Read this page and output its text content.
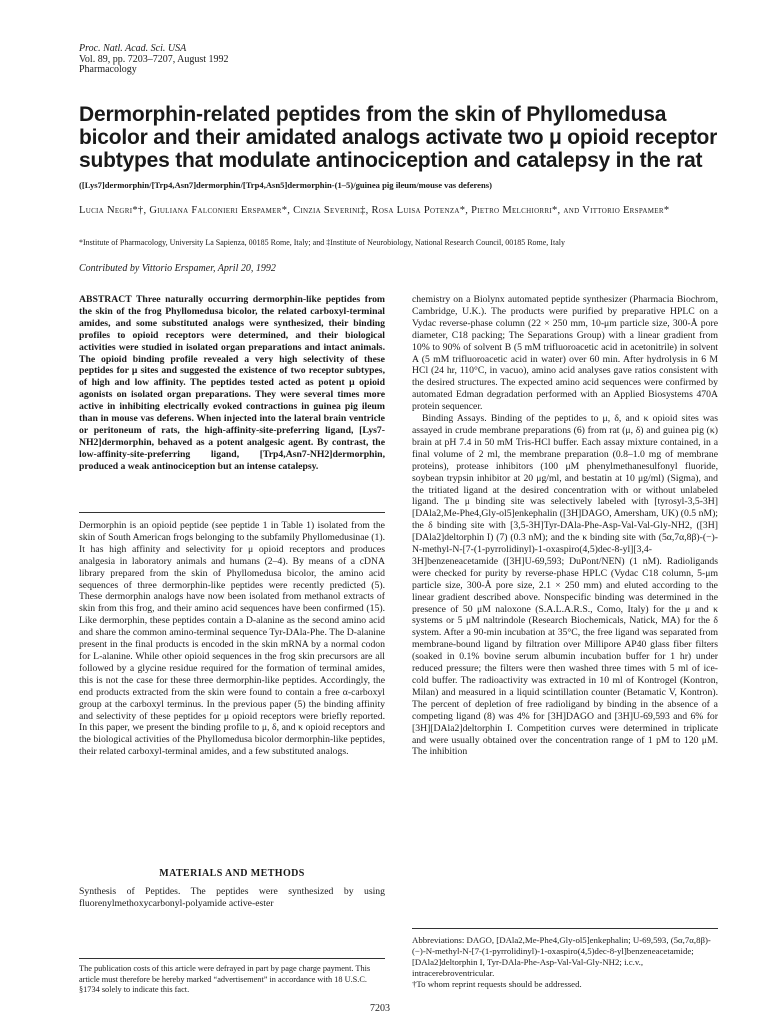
Proc. Natl. Acad. Sci. USA
Vol. 89, pp. 7203–7207, August 1992
Pharmacology
Dermorphin-related peptides from the skin of Phyllomedusa bicolor and their amidated analogs activate two μ opioid receptor subtypes that modulate antinociception and catalepsy in the rat
([Lys7]dermorphin/[Trp4,Asn7]dermorphin/[Trp4,Asn5]dermorphin-(1–5)/guinea pig ileum/mouse vas deferens)
Lucia Negri*†, Giuliana Falconieri Erspamer*, Cinzia Severini‡, Rosa Luisa Potenza*, Pietro Melchiorri*, and Vittorio Erspamer*
*Institute of Pharmacology, University La Sapienza, 00185 Rome, Italy; and ‡Institute of Neurobiology, National Research Council, 00185 Rome, Italy
Contributed by Vittorio Erspamer, April 20, 1992
ABSTRACT Three naturally occurring dermorphin-like peptides from the skin of the frog Phyllomedusa bicolor, the related carboxyl-terminal amides, and some substituted analogs were synthesized, their binding profiles to opioid receptors were determined, and their biological activities were studied in isolated organ preparations and intact animals. The opioid binding profile revealed a very high selectivity of these peptides for μ sites and suggested the existence of two receptor subtypes, of high and low affinity. The peptides tested acted as potent μ opioid agonists on isolated organ preparations. They were several times more active in inhibiting electrically evoked contractions in guinea pig ileum than in mouse vas deferens. When injected into the lateral brain ventricle or peritoneum of rats, the high-affinity-site-preferring ligand, [Lys7-NH2]dermorphin, behaved as a potent analgesic agent. By contrast, the low-affinity-site-preferring ligand, [Trp4,Asn7-NH2]dermorphin, produced a weak antinociception but an intense catalepsy.
Dermorphin is an opioid peptide (see peptide 1 in Table 1) isolated from the skin of South American frogs belonging to the subfamily Phyllomedusinae (1). It has high affinity and selectivity for μ opioid receptors and produces analgesia in laboratory animals and humans (2–4). By means of a cDNA library prepared from the skin of Phyllomedusa bicolor, the amino acid sequences of three dermorphin-like peptides were recently predicted (5). These dermorphin analogs have now been isolated from methanol extracts of skin from this frog, and their amino acid sequences have been confirmed (15). Like dermorphin, these peptides contain a D-alanine as the second amino acid and share the common amino-terminal sequence Tyr-DAla-Phe. The D-alanine present in the final products is encoded in the skin mRNA by a normal codon for L-alanine. While other opioid sequences in the frog skin precursors are all followed by a glycine residue required for the formation of terminal amides, this is not the case for these three dermorphin-like peptides. Accordingly, the end products extracted from the skin were found to contain a free α-carboxyl group at the carboxyl terminus. In the previous paper (5) the binding affinity and selectivity of these peptides for μ opioid receptors were briefly reported. In this paper, we present the binding profile to μ, δ, and κ opioid receptors and the biological activities of the Phyllomedusa bicolor dermorphin-like peptides, their related carboxyl-terminal amides, and a few substituted analogs.
MATERIALS AND METHODS
Synthesis of Peptides. The peptides were synthesized by using fluorenylmethoxycarbonyl-polyamide active-ester
The publication costs of this article were defrayed in part by page charge payment. This article must therefore be hereby marked “advertisement” in accordance with 18 U.S.C. §1734 solely to indicate this fact.

chemistry on a Biolynx automated peptide synthesizer (Pharmacia Biochrom, Cambridge, U.K.). The products were purified by preparative HPLC on a Vydac reverse-phase column (22 × 250 mm, 10-μm particle size, 300-Å pore diameter, C18 packing; The Separations Group) with a linear gradient from 10% to 90% of solvent B (5 mM trifluoroacetic acid in acetonitrile) in solvent A (5 mM trifluoroacetic acid in water) over 60 min. After hydrolysis in 6 M HCl (24 hr, 110°C, in vacuo), amino acid analyses gave ratios consistent with the desired structures. The expected amino acid sequences were confirmed by automated Edman degradation performed with an Applied Biosystems 470A protein sequencer.

Binding Assays. Binding of the peptides to μ, δ, and κ opioid sites was assayed in crude membrane preparations (6) from rat (μ, δ) and guinea pig (κ) brain at pH 7.4 in 50 mM Tris-HCl buffer. Each assay mixture contained, in a final volume of 2 ml, the membrane preparation (0.8–1.0 mg of membrane proteins), protease inhibitors (100 μM phenylmethanesulfonyl fluoride, soybean trypsin inhibitor at 20 μg/ml, and bestatin at 10 μg/ml) (Sigma), and the tritiated ligand at the desired concentration with or without unlabeled ligand. The μ binding site was selectively labeled with [tyrosyl-3,5-3H][DAla2,Me-Phe4,Gly-ol5]enkephalin ([3H]DAGO, Amersham, UK) (0.5 nM); the δ binding site with [3,5-3H]Tyr-DAla-Phe-Asp-Val-Val-Gly-NH2, ([3H][DAla2]deltorphin I) (7) (0.3 nM); and the κ binding site with (5α,7α,8β)-(−)-N-methyl-N-[7-(1-pyrrolidinyl)-1-oxaspiro(4,5)dec-8-yl][3,4-3H]benzeneacetamide ([3H]U-69,593; DuPont/NEN) (1 nM). Radioligands were checked for purity by reverse-phase HPLC (Vydac C18 column, 5-μm particle size, 300-Å pore size, 2.1 × 250 mm) and eluted according to the linear gradient described above. Nonspecific binding was determined in the presence of 50 μM naloxone (S.A.L.A.R.S., Como, Italy) for the μ and κ systems or 5 μM naltrindole (Research Biochemicals, Natick, MA) for the δ system. After a 90-min incubation at 35°C, the free ligand was separated from membrane-bound ligand by filtration over Millipore AP40 glass fiber filters (soaked in 0.1% bovine serum albumin incubation buffer for 1 hr) under reduced pressure; the filters were then washed three times with 5 ml of ice-cold buffer. The radioactivity was extracted in 10 ml of Kontrogel (Kontron, Milan) and measured in a liquid scintillation counter (Betamatic V, Kontron). The percent of depletion of free radioligand by binding in the absence of a competing ligand (8) was 4% for [3H]DAGO and [3H]U-69,593 and 6% for [3H][DAla2]deltorphin I. Competition curves were determined in triplicate and were usually obtained over the concentration range of 1 pM to 120 μM. The inhibition

Abbreviations: DAGO, [DAla2,Me-Phe4,Gly-ol5]enkephalin; U-69,593, (5α,7α,8β)-(−)-N-methyl-N-[7-(1-pyrrolidinyl)-1-oxaspiro(4,5)dec-8-yl]benzeneacetamide; [DAla2]deltorphin I, Tyr-DAla-Phe-Asp-Val-Val-Gly-NH2; i.c.v., intracerebroventricular.
†To whom reprint requests should be addressed.
7203
